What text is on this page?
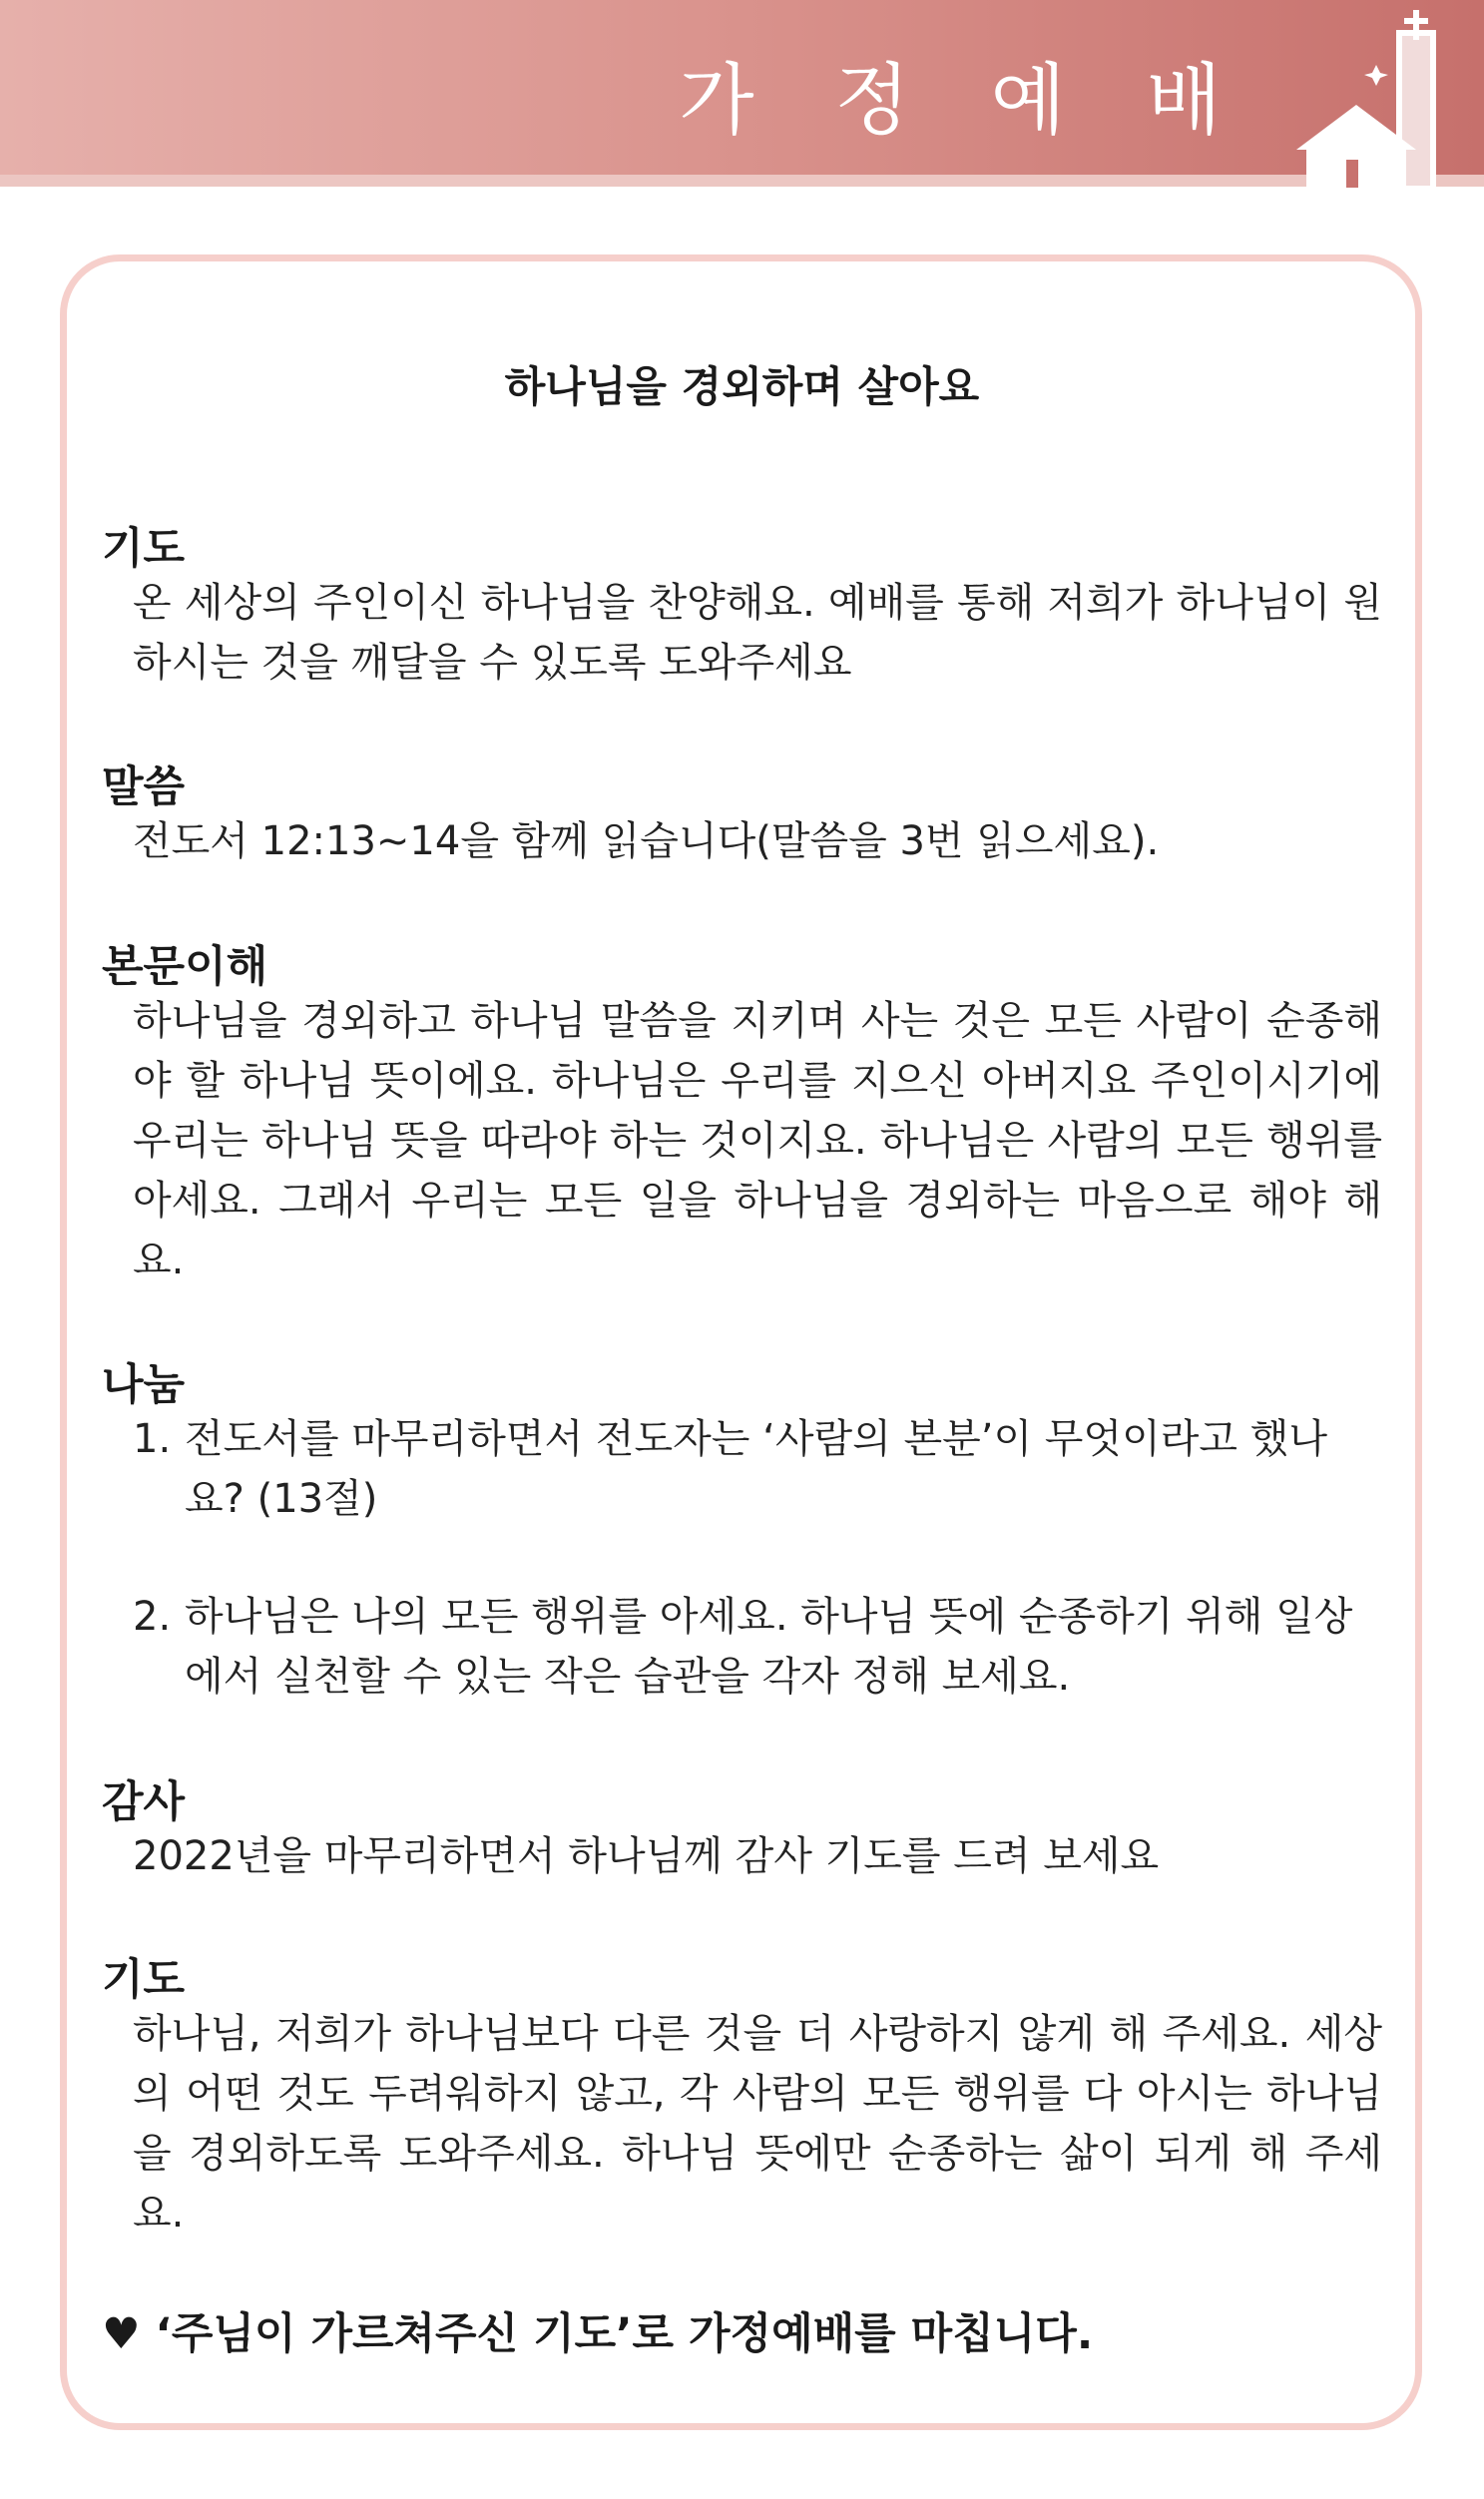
가 정 예 배
하나님을 경외하며 살아요
기도

온 세상의 주인이신 하나님을 찬양해요. 예배를 통해 저희가 하나님이 원하시는 것을 깨달을 수 있도록 도와주세요

말씀

전도서 12:13~14을 함께 읽습니다(말씀을 3번 읽으세요).

본문이해

하나님을 경외하고 하나님 말씀을 지키며 사는 것은 모든 사람이 순종해야 할 하나님 뜻이에요. 하나님은 우리를 지으신 아버지요 주인이시기에 우리는 하나님 뜻을 따라야 하는 것이지요. 하나님은 사람의 모든 행위를 아세요. 그래서 우리는 모든 일을 하나님을 경외하는 마음으로 해야 해요.

나눔
1. 전도서를 마무리하면서 전도자는 ‘사람의 본분’이 무엇이라고 했나요? (13절)
2. 하나님은 나의 모든 행위를 아세요. 하나님 뜻에 순종하기 위해 일상에서 실천할 수 있는 작은 습관을 각자 정해 보세요.
감사

2022년을 마무리하면서 하나님께 감사 기도를 드려 보세요

기도

하나님, 저희가 하나님보다 다른 것을 더 사랑하지 않게 해 주세요. 세상의 어떤 것도 두려워하지 않고, 각 사람의 모든 행위를 다 아시는 하나님을 경외하도록 도와주세요. 하나님 뜻에만 순종하는 삶이 되게 해 주세요.

♥ ‘주님이 가르쳐주신 기도’로 가정예배를 마칩니다.
